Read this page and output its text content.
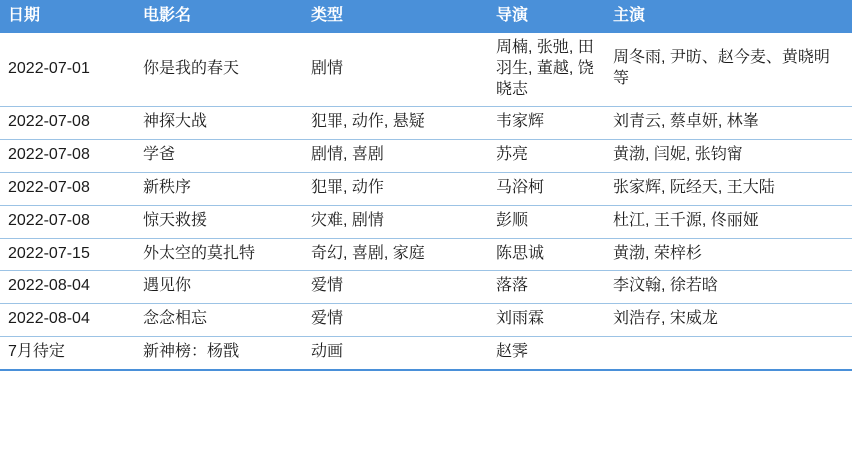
日期	电影名	类型	导演	主演
2022-07-01	你是我的春天	剧情	周楠, 张弛, 田羽生, 董越, 饶晓志	周冬雨, 尹昉、赵今麦、黄晓明等
2022-07-08	神探大战	犯罪, 动作, 悬疑	韦家辉	刘青云, 蔡卓妍, 林峯
2022-07-08	学爸	剧情, 喜剧	苏亮	黄渤, 闫妮, 张钧甯
2022-07-08	新秩序	犯罪, 动作	马浴柯	张家辉, 阮经天, 王大陆
2022-07-08	惊天救援	灾难, 剧情	彭顺	杜江, 王千源, 佟丽娅
2022-07-15	外太空的莫扎特	奇幻, 喜剧, 家庭	陈思诚	黄渤, 荣梓杉
2022-08-04	遇见你	爱情	落落	李汶翰, 徐若晗
2022-08-04	念念相忘	爱情	刘雨霖	刘浩存, 宋威龙
7月待定	新神榜：杨戬	动画	赵霁	
